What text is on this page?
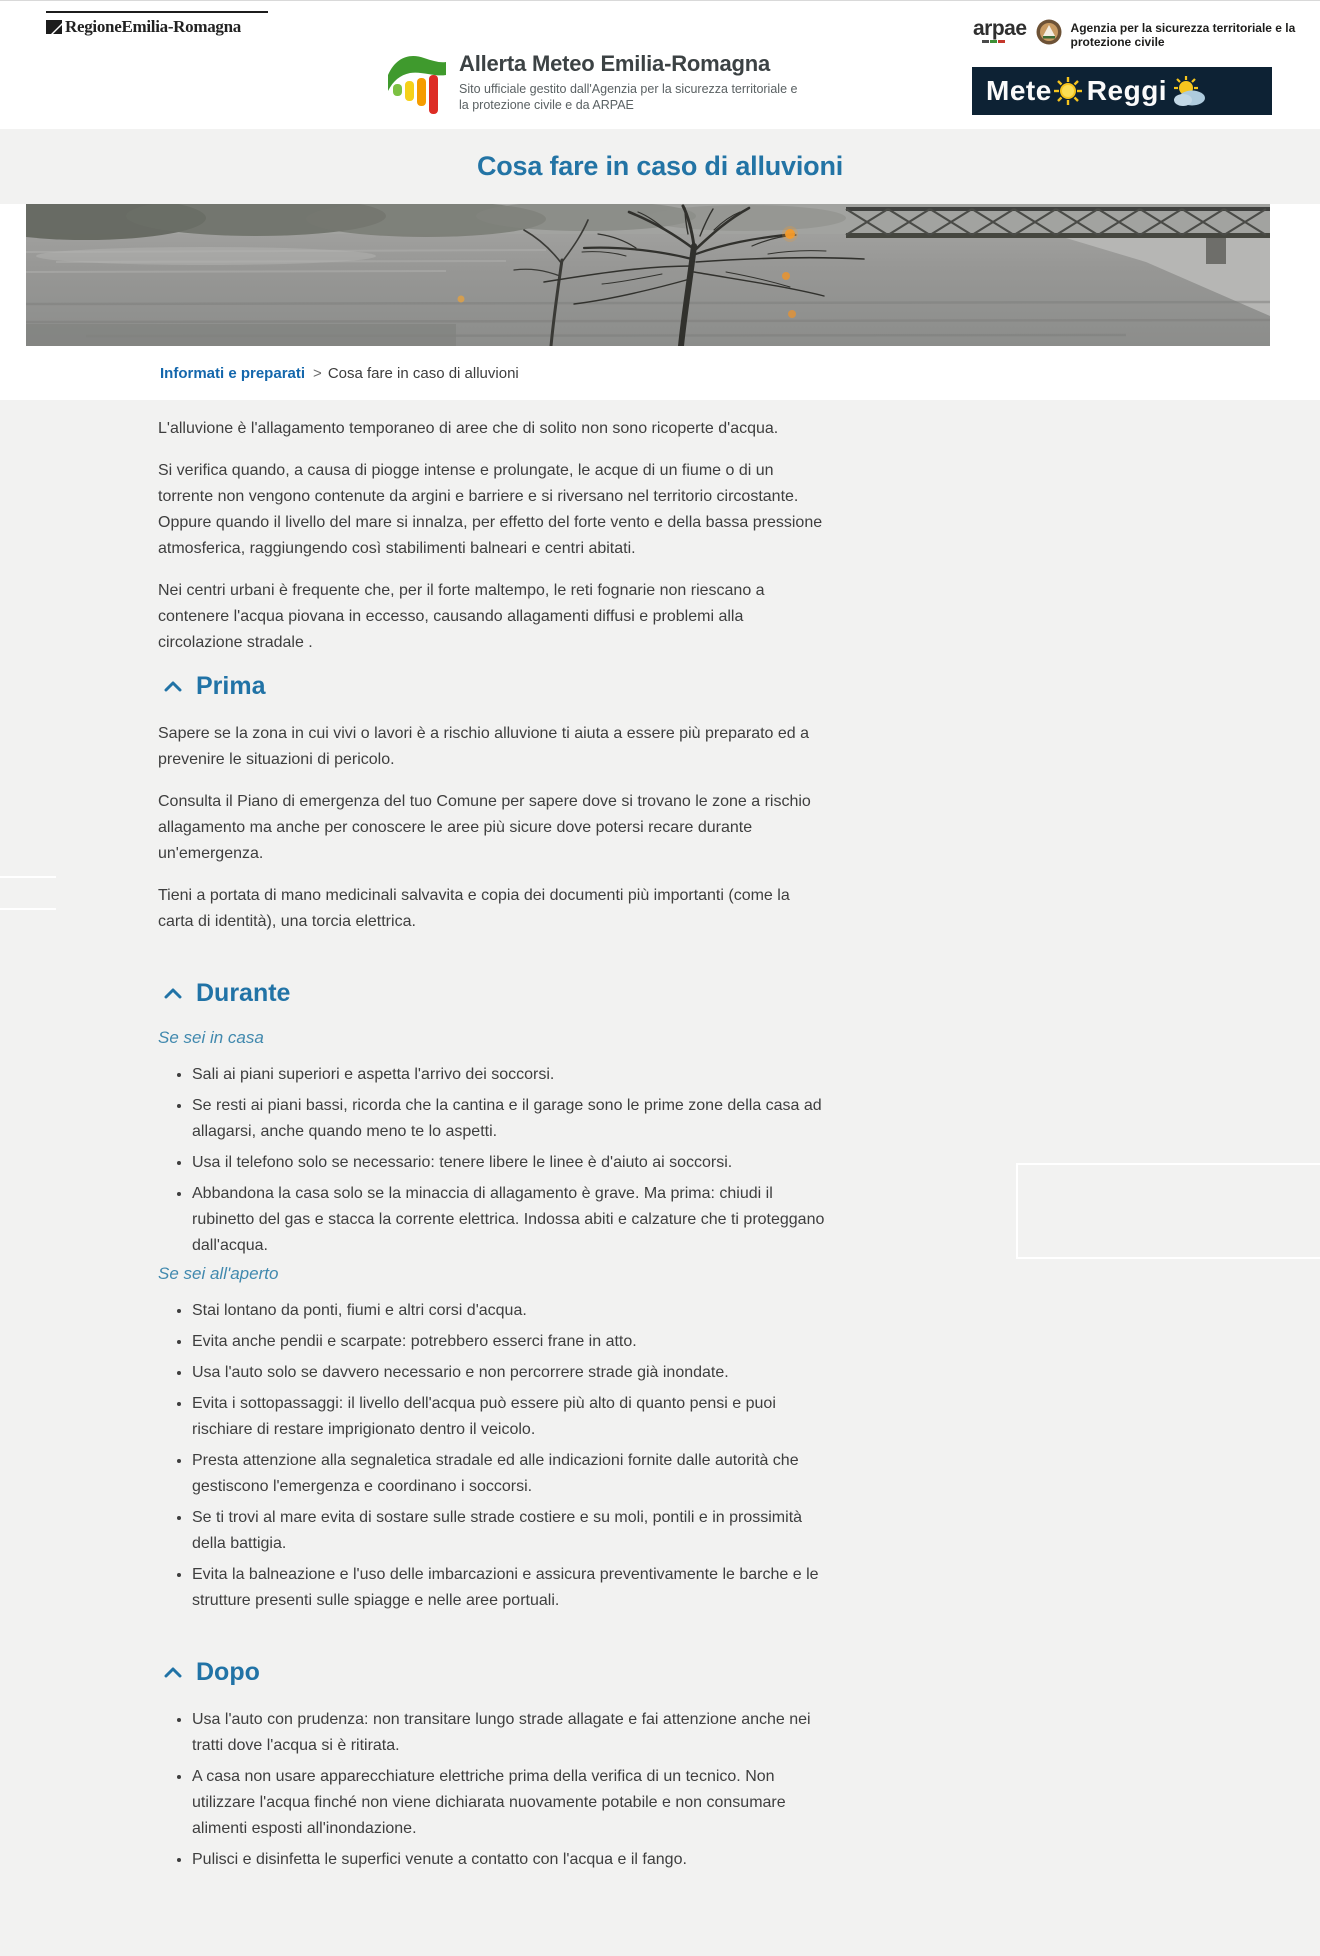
RegioneEmilia-Romagna
Allerta Meteo Emilia-Romagna
Sito ufficiale gestito dall'Agenzia per la sicurezza territoriale e
la protezione civile e da ARPAE
arpae	Agenzia per la sicurezza territoriale e la
protezione civile
Mete Reggi
Cosa fare in caso di alluvioni
Informati e preparati > Cosa fare in caso di alluvioni

L'alluvione è l'allagamento temporaneo di aree che di solito non sono ricoperte d'acqua.

Si verifica quando, a causa di piogge intense e prolungate, le acque di un fiume o di un torrente non vengono contenute da argini e barriere e si riversano nel territorio circostante. Oppure quando il livello del mare si innalza, per effetto del forte vento e della bassa pressione atmosferica, raggiungendo così stabilimenti balneari e centri abitati.

Nei centri urbani è frequente che, per il forte maltempo, le reti fognarie non riescano a contenere l'acqua piovana in eccesso, causando allagamenti diffusi e problemi alla circolazione stradale .

Prima

Sapere se la zona in cui vivi o lavori è a rischio alluvione ti aiuta a essere più preparato ed a prevenire le situazioni di pericolo.

Consulta il Piano di emergenza del tuo Comune per sapere dove si trovano le zone a rischio allagamento ma anche per conoscere le aree più sicure dove potersi recare durante un'emergenza.

Tieni a portata di mano medicinali salvavita e copia dei documenti più importanti (come la carta di identità), una torcia elettrica.

Durante
Se sei in casa
• Sali ai piani superiori e aspetta l'arrivo dei soccorsi.
• Se resti ai piani bassi, ricorda che la cantina e il garage sono le prime zone della casa ad allagarsi, anche quando meno te lo aspetti.
• Usa il telefono solo se necessario: tenere libere le linee è d'aiuto ai soccorsi.
• Abbandona la casa solo se la minaccia di allagamento è grave. Ma prima: chiudi il rubinetto del gas e stacca la corrente elettrica. Indossa abiti e calzature che ti proteggano dall'acqua.
Se sei all'aperto
• Stai lontano da ponti, fiumi e altri corsi d'acqua.
• Evita anche pendii e scarpate: potrebbero esserci frane in atto.
• Usa l'auto solo se davvero necessario e non percorrere strade già inondate.
• Evita i sottopassaggi: il livello dell'acqua può essere più alto di quanto pensi e puoi rischiare di restare imprigionato dentro il veicolo.
• Presta attenzione alla segnaletica stradale ed alle indicazioni fornite dalle autorità che gestiscono l'emergenza e coordinano i soccorsi.
• Se ti trovi al mare evita di sostare sulle strade costiere e su moli, pontili e in prossimità della battigia.
• Evita la balneazione e l'uso delle imbarcazioni e assicura preventivamente le barche e le strutture presenti sulle spiagge e nelle aree portuali.
Dopo
• Usa l'auto con prudenza: non transitare lungo strade allagate e fai attenzione anche nei tratti dove l'acqua si è ritirata.
• A casa non usare apparecchiature elettriche prima della verifica di un tecnico. Non utilizzare l'acqua finché non viene dichiarata nuovamente potabile e non consumare alimenti esposti all'inondazione.
• Pulisci e disinfetta le superfici venute a contatto con l'acqua e il fango.
